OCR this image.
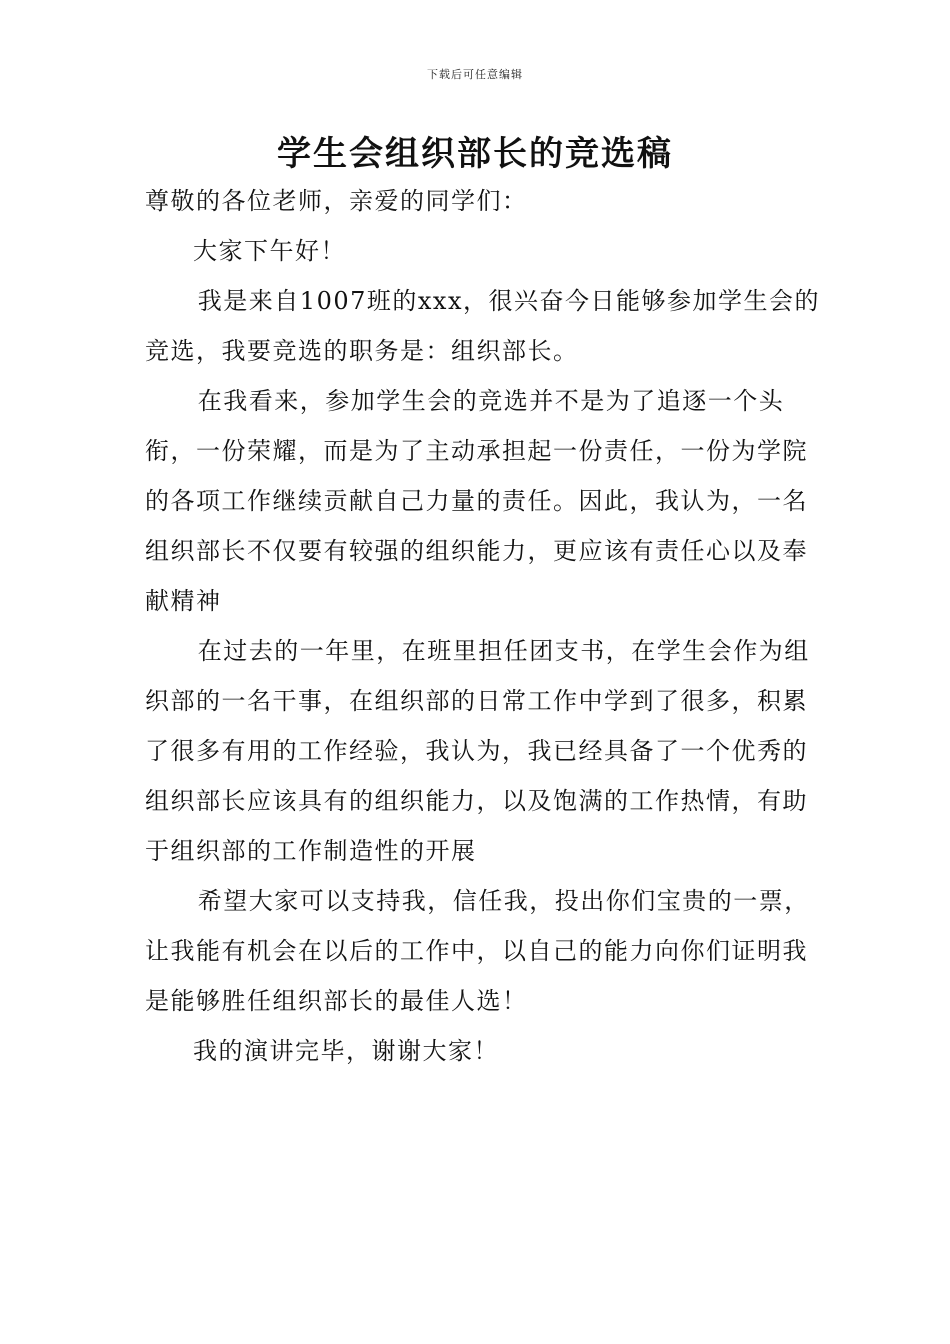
下载后可任意编辑
学生会组织部长的竞选稿

尊敬的各位老师，亲爱的同学们：

大家下午好！

我是来自1007班的xxx，很兴奋今日能够参加学生会的竞选，我要竞选的职务是：组织部长。

在我看来，参加学生会的竞选并不是为了追逐一个头衔，一份荣耀，而是为了主动承担起一份责任，一份为学院的各项工作继续贡献自己力量的责任。因此，我认为，一名组织部长不仅要有较强的组织能力，更应该有责任心以及奉献精神

在过去的一年里，在班里担任团支书，在学生会作为组织部的一名干事，在组织部的日常工作中学到了很多，积累了很多有用的工作经验，我认为，我已经具备了一个优秀的组织部长应该具有的组织能力，以及饱满的工作热情，有助于组织部的工作制造性的开展

希望大家可以支持我，信任我，投出你们宝贵的一票，让我能有机会在以后的工作中，以自己的能力向你们证明我是能够胜任组织部长的最佳人选！

我的演讲完毕，谢谢大家！
